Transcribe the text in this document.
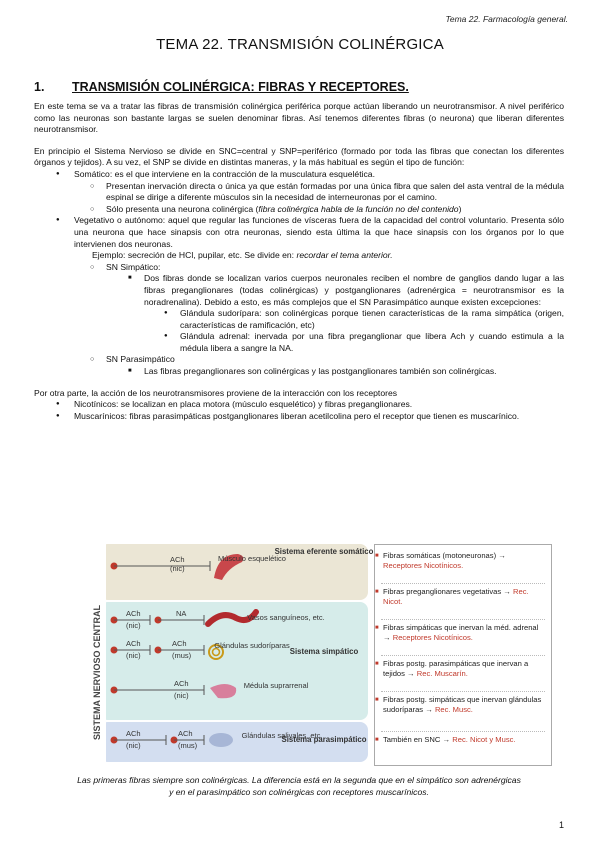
Tema 22. Farmacología general.
TEMA 22. TRANSMISIÓN COLINÉRGICA
1. TRANSMISIÓN COLINÉRGICA: FIBRAS Y RECEPTORES.

En este tema se va a tratar las fibras de transmisión colinérgica periférica porque actúan liberando un neurotransmisor. A nivel periférico como las neuronas son bastante largas se suelen denominar fibras. Así tenemos diferentes fibras (o neurona) que liberan diferentes neurotransmisor.

En principio el Sistema Nervioso se divide en SNC=central y SNP=periférico (formado por toda las fibras que conectan los diferentes órganos y tejidos). A su vez, el SNP se divide en distintas maneras, y la más habitual es según el tipo de función:

● Somático: es el que interviene en la contracción de la musculatura esquelética.
○ Presentan inervación directa o única ya que están formadas por una única fibra que salen del asta ventral de la médula espinal se dirige a diferente músculos sin la necesidad de interneuronas por el camino.
○ Sólo presenta una neurona colinérgica (fibra colinérgica habla de la función no del contenido)
● Vegetativo o autónomo: aquel que regular las funciones de vísceras fuera de la capacidad del control voluntario. Presenta sólo una neurona que hace sinapsis con otra neuronas, siendo esta última la que hace sinapsis con los órganos por lo que intervienen dos neuronas.
Ejemplo: secreción de HCl, pupilar, etc. Se divide en: recordar el tema anterior.
○ SN Simpático:
■ Dos fibras donde se localizan varios cuerpos neuronales reciben el nombre de ganglios dando lugar a las fibras preganglionares (todas colinérgicas) y postganglionares (adrenérgica = neurotransmisor es la noradrenalina). Debido a esto, es más complejos que el SN Parasimpático aunque existen excepciones:
● Glándula sudorípara: son colinérgicas porque tienen características de la rama simpática (origen, características de ramificación, etc)
● Glándula adrenal: inervada por una fibra preganglionar que libera Ach y cuando estimula a la médula libera a sangre la NA.
○ SN Parasimpático
■ Las fibras preganglionares son colinérgicas y las postganglionares también son colinérgicas.

Por otra parte, la acción de los neurotransmisores proviene de la interacción con los receptores

● Nicotínicos: se localizan en placa motora (músculo esquelético) y fibras preganglionares.
● Muscarínicos: fibras parasimpáticas postganglionares liberan acetilcolina pero el receptor que tienen es muscarínico.
SISTEMA NERVIOSO CENTRAL
ACh
(nic)
Músculo esquelético
Sistema eferente somático
ACh
(nic)
NA	Vasos sanguíneos, etc.
ACh
(nic)
ACh
(mus)
Glándulas sudoríparas
Sistema simpático
ACh
(nic)
Médula suprarrenal
ACh
(nic)
ACh
(mus)
Glándulas salivales, etc.
Sistema parasimpático
■ Fibras somáticas (motoneuronas) → Receptores Nicotínicos.
■ Fibras preganglionares vegetativas → Rec. Nicot.
■ Fibras simpáticas que inervan la méd. adrenal → Receptores Nicotínicos.
■ Fibras postg. parasimpáticas que inervan a tejidos → Rec. Muscarín.
■ Fibras postg. simpáticas que inervan glándulas sudoríparas → Rec. Musc.
■ También en SNC → Rec. Nicot y Musc.
Las primeras fibras siempre son colinérgicas. La diferencia está en la segunda que en el simpático son adrenérgicas
y en el parasimpático son colinérgicas con receptores muscarínicos.
1
